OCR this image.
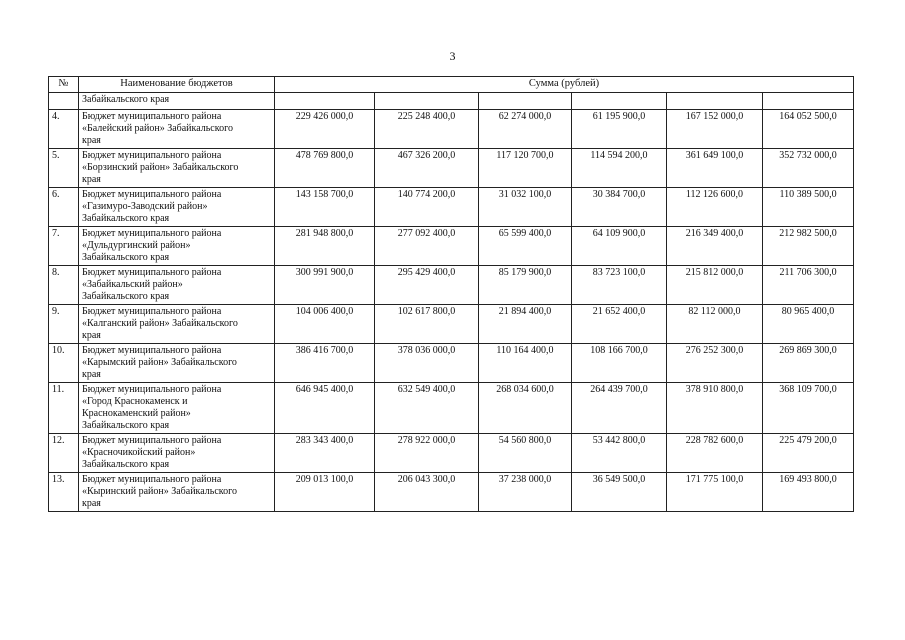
3
№	Наименование бюджетов	Сумма (рублей)					
	Забайкальского края						
4.	Бюджет муниципального района
«Балейский район» Забайкальского
края	229 426 000,0	225 248 400,0	62 274 000,0	61 195 900,0	167 152 000,0	164 052 500,0
5.	Бюджет муниципального района
«Борзинский район» Забайкальского
края	478 769 800,0	467 326 200,0	117 120 700,0	114 594 200,0	361 649 100,0	352 732 000,0
6.	Бюджет муниципального района
«Газимуро-Заводский район»
Забайкальского края	143 158 700,0	140 774 200,0	31 032 100,0	30 384 700,0	112 126 600,0	110 389 500,0
7.	Бюджет муниципального района
«Дульдургинский район»
Забайкальского края	281 948 800,0	277 092 400,0	65 599 400,0	64 109 900,0	216 349 400,0	212 982 500,0
8.	Бюджет муниципального района
«Забайкальский район»
Забайкальского края	300 991 900,0	295 429 400,0	85 179 900,0	83 723 100,0	215 812 000,0	211 706 300,0
9.	Бюджет муниципального района
«Калганский район» Забайкальского
края	104 006 400,0	102 617 800,0	21 894 400,0	21 652 400,0	82 112 000,0	80 965 400,0
10.	Бюджет муниципального района
«Карымский район» Забайкальского
края	386 416 700,0	378 036 000,0	110 164 400,0	108 166 700,0	276 252 300,0	269 869 300,0
11.	Бюджет муниципального района
«Город Краснокаменск и
Краснокаменский район»
Забайкальского края	646 945 400,0	632 549 400,0	268 034 600,0	264 439 700,0	378 910 800,0	368 109 700,0
12.	Бюджет муниципального района
«Красночикойский район»
Забайкальского края	283 343 400,0	278 922 000,0	54 560 800,0	53 442 800,0	228 782 600,0	225 479 200,0
13.	Бюджет муниципального района
«Кыринский район» Забайкальского
края	209 013 100,0	206 043 300,0	37 238 000,0	36 549 500,0	171 775 100,0	169 493 800,0
